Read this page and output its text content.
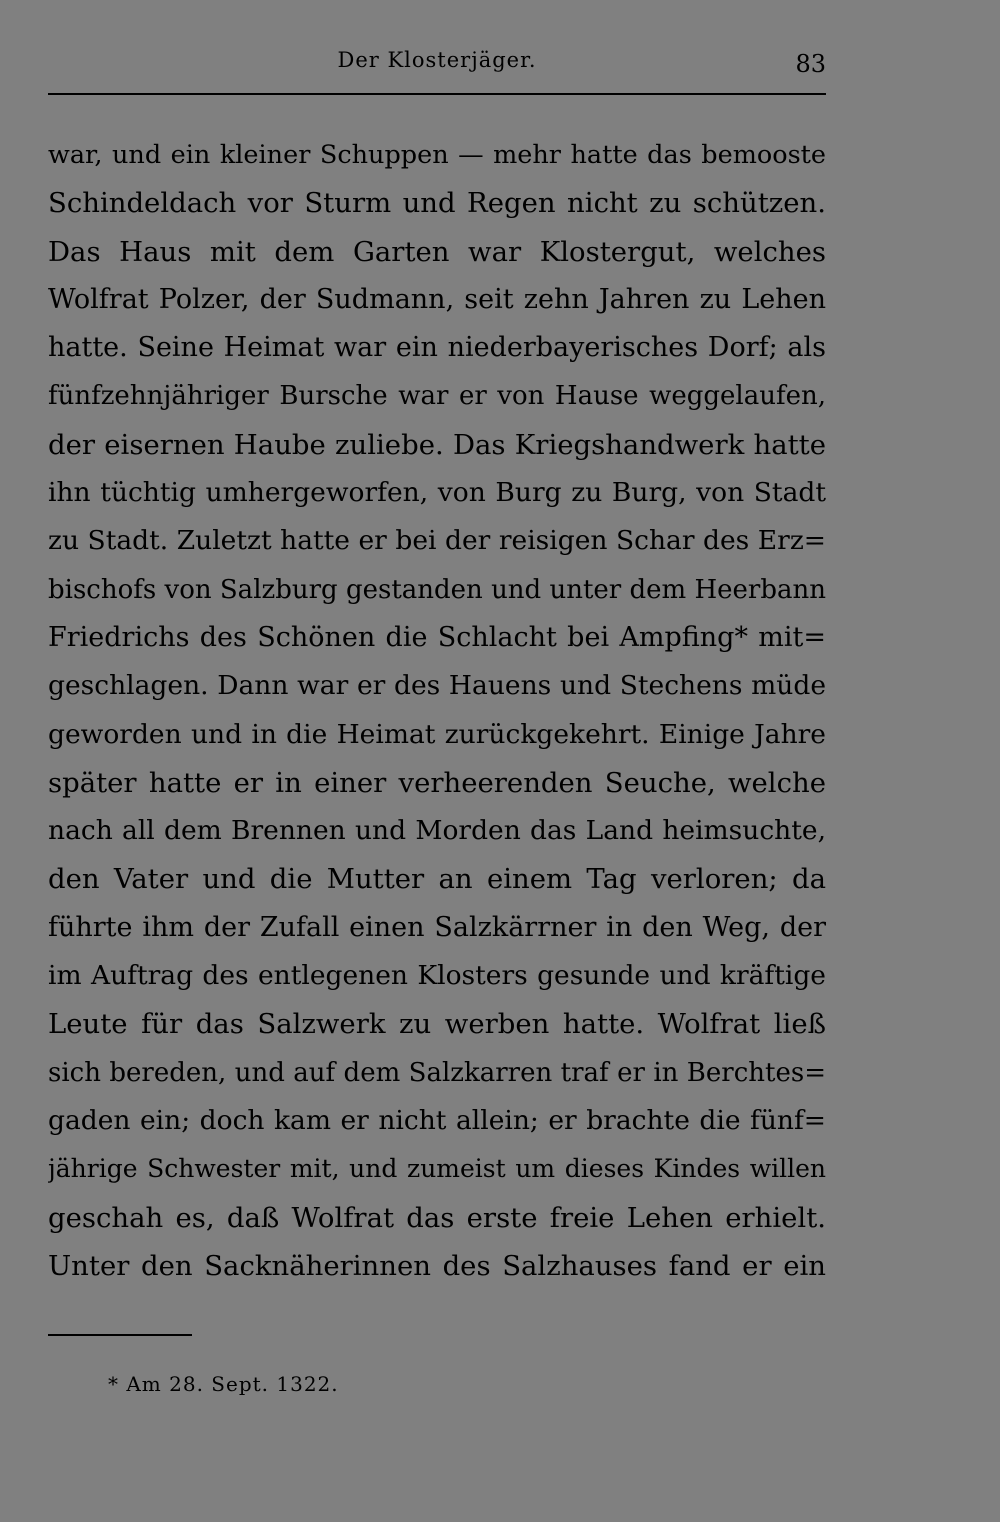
Der Klosterjäger.	83
war, und ein kleiner Schuppen — mehr hatte das bemooste
Schindeldach vor Sturm und Regen nicht zu schützen.
Das Haus mit dem Garten war Klostergut, welches
Wolfrat Polzer, der Sudmann, seit zehn Jahren zu Lehen
hatte. Seine Heimat war ein niederbayerisches Dorf; als
fünfzehnjähriger Bursche war er von Hause weggelaufen,
der eisernen Haube zuliebe. Das Kriegshandwerk hatte
ihn tüchtig umhergeworfen, von Burg zu Burg, von Stadt
zu Stadt. Zuletzt hatte er bei der reisigen Schar des Erz=
bischofs von Salzburg gestanden und unter dem Heerbann
Friedrichs des Schönen die Schlacht bei Ampfing* mit=
geschlagen. Dann war er des Hauens und Stechens müde
geworden und in die Heimat zurückgekehrt. Einige Jahre
später hatte er in einer verheerenden Seuche, welche
nach all dem Brennen und Morden das Land heimsuchte,
den Vater und die Mutter an einem Tag verloren; da
führte ihm der Zufall einen Salzkärrner in den Weg, der
im Auftrag des entlegenen Klosters gesunde und kräftige
Leute für das Salzwerk zu werben hatte. Wolfrat ließ
sich bereden, und auf dem Salzkarren traf er in Berchtes=
gaden ein; doch kam er nicht allein; er brachte die fünf=
jährige Schwester mit, und zumeist um dieses Kindes willen
geschah es, daß Wolfrat das erste freie Lehen erhielt.
Unter den Sacknäherinnen des Salzhauses fand er ein
* Am 28. Sept. 1322.
